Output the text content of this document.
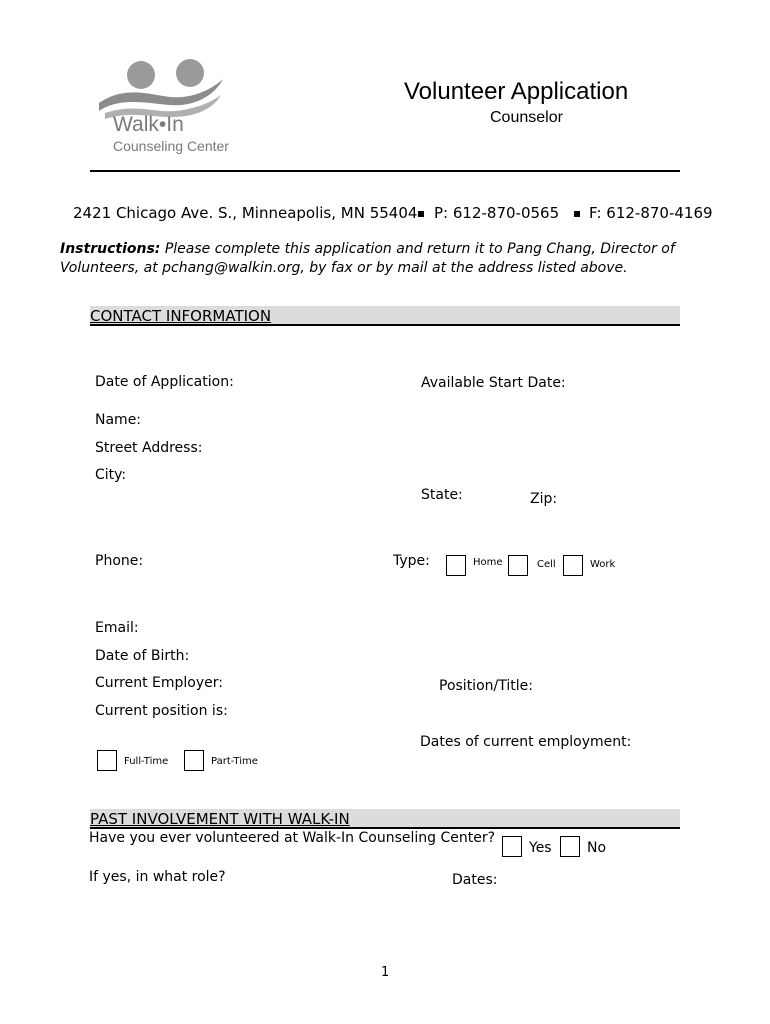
Walk•In
Counseling Center
Volunteer Application
Counselor
2421 Chicago Ave. S., Minneapolis, MN 55404 P: 612-870-0565 F: 612-870-4169
Instructions: Please complete this application and return it to Pang Chang, Director of Volunteers, at pchang@walkin.org, by fax or by mail at the address listed above.
CONTACT INFORMATION
Date of Application:	Available Start Date:
Name:
Street Address:
City:
State:	Zip:
Phone:	Type:	Home	Cell	Work
Email:
Date of Birth:
Current Employer:	Position/Title:
Current position is:
Dates of current employment:
Full-Time	Part-Time
PAST INVOLVEMENT WITH WALK-IN
Have you ever volunteered at Walk-In Counseling Center?
Yes	No
If yes, in what role?	Dates:
1
